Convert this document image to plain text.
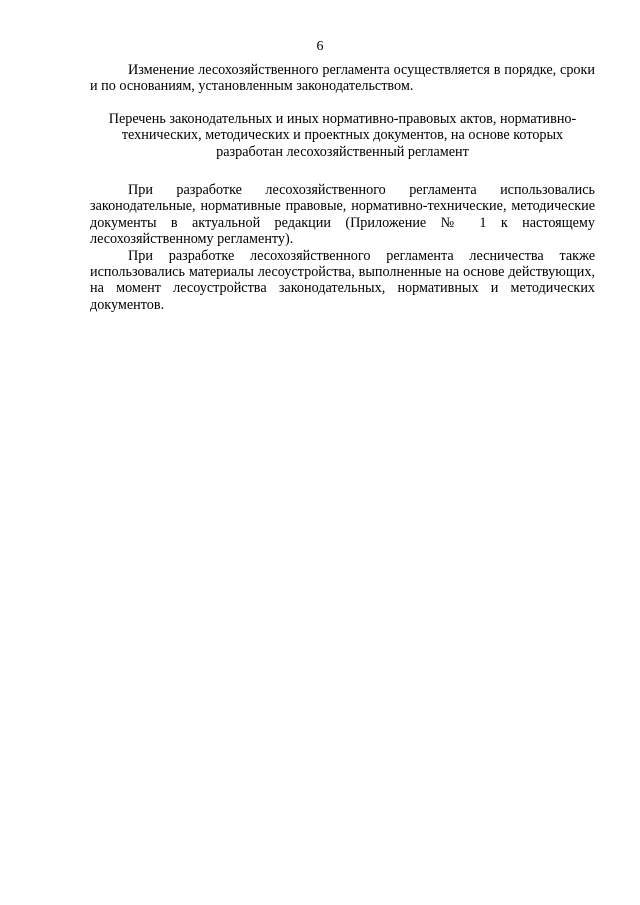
6

Изменение лесохозяйственного регламента осуществляется в порядке, сроки и по основаниям, установленным законодательством.

Перечень законодательных и иных нормативно-правовых актов, нормативно-
технических, методических и проектных документов, на основе которых
разработан лесохозяйственный регламент

При разработке лесохозяйственного регламента использовались законодательные, нормативные правовые, нормативно-технические, методические документы в актуальной редакции (Приложение № 1 к настоящему лесохозяйственному регламенту).

При разработке лесохозяйственного регламента лесничества также использовались материалы лесоустройства, выполненные на основе действующих, на момент лесоустройства законодательных, нормативных и методических документов.
